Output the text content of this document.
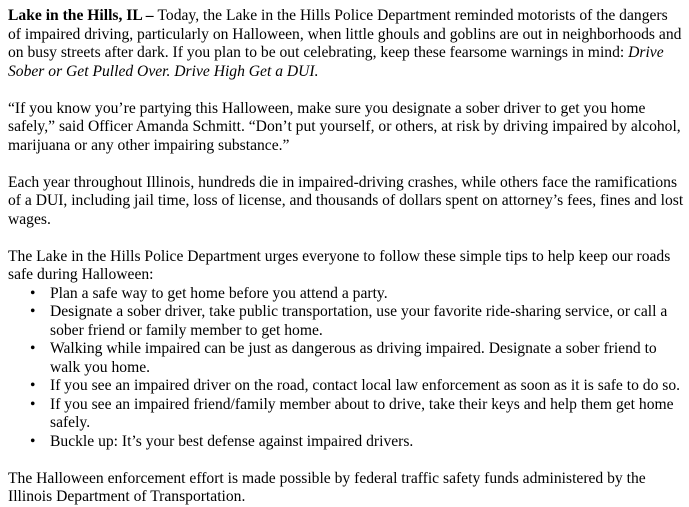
Lake in the Hills, IL – Today, the Lake in the Hills Police Department reminded motorists of the dangers of impaired driving, particularly on Halloween, when little ghouls and goblins are out in neighborhoods and on busy streets after dark. If you plan to be out celebrating, keep these fearsome warnings in mind: Drive Sober or Get Pulled Over. Drive High Get a DUI.

“If you know you’re partying this Halloween, make sure you designate a sober driver to get you home safely,” said Officer Amanda Schmitt. “Don’t put yourself, or others, at risk by driving impaired by alcohol, marijuana or any other impairing substance.”

Each year throughout Illinois, hundreds die in impaired-driving crashes, while others face the ramifications of a DUI, including jail time, loss of license, and thousands of dollars spent on attorney’s fees, fines and lost wages.

The Lake in the Hills Police Department urges everyone to follow these simple tips to help keep our roads safe during Halloween:

• Plan a safe way to get home before you attend a party.
• Designate a sober driver, take public transportation, use your favorite ride-sharing service, or call a sober friend or family member to get home.
• Walking while impaired can be just as dangerous as driving impaired. Designate a sober friend to walk you home.
• If you see an impaired driver on the road, contact local law enforcement as soon as it is safe to do so.
• If you see an impaired friend/family member about to drive, take their keys and help them get home safely.
• Buckle up: It’s your best defense against impaired drivers.

The Halloween enforcement effort is made possible by federal traffic safety funds administered by the Illinois Department of Transportation.
